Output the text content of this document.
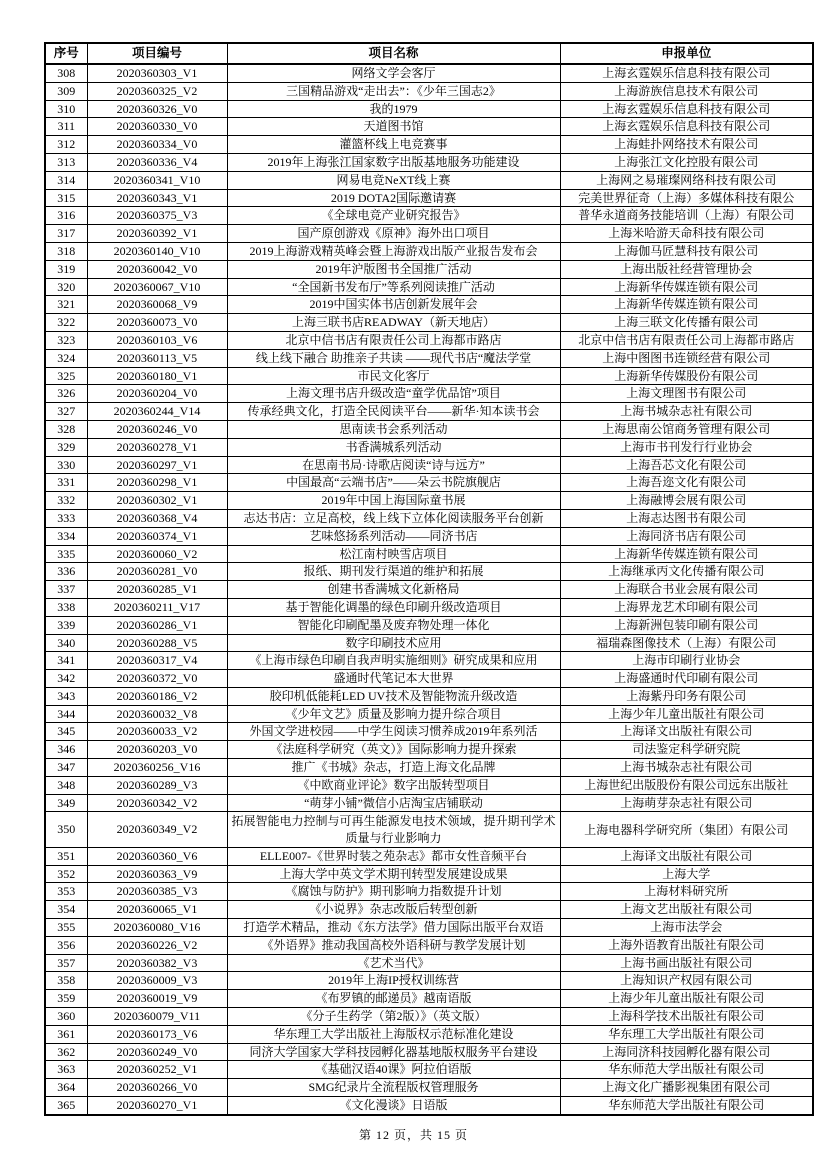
序号	项目编号	项目名称	申报单位
308	2020360303_V1	网络文学会客厅	上海玄霆娱乐信息科技有限公司
309	2020360325_V2	三国精品游戏“走出去”：《少年三国志2》	上海游族信息技术有限公司
310	2020360326_V0	我的1979	上海玄霆娱乐信息科技有限公司
311	2020360330_V0	天道图书馆	上海玄霆娱乐信息科技有限公司
312	2020360334_V0	灌篮杯线上电竞赛事	上海蛙扑网络技术有限公司
313	2020360336_V4	2019年上海张江国家数字出版基地服务功能建设	上海张江文化控股有限公司
314	2020360341_V10	网易电竞NeXT线上赛	上海网之易璀璨网络科技有限公司
315	2020360343_V1	2019 DOTA2国际邀请赛	完美世界征奇（上海）多媒体科技有限公
316	2020360375_V3	《全球电竞产业研究报告》	普华永道商务技能培训（上海）有限公司
317	2020360392_V1	国产原创游戏《原神》海外出口项目	上海米哈游天命科技有限公司
318	2020360140_V10	2019上海游戏精英峰会暨上海游戏出版产业报告发布会	上海伽马匠慧科技有限公司
319	2020360042_V0	2019年沪版图书全国推广活动	上海出版社经营管理协会
320	2020360067_V10	“全国新书发布厅”等系列阅读推广活动	上海新华传媒连锁有限公司
321	2020360068_V9	2019中国实体书店创新发展年会	上海新华传媒连锁有限公司
322	2020360073_V0	上海三联书店READWAY（新天地店）	上海三联文化传播有限公司
323	2020360103_V6	北京中信书店有限责任公司上海都市路店	北京中信书店有限责任公司上海都市路店
324	2020360113_V5	线上线下融合 助推亲子共读 ——现代书店“魔法学堂	上海中图图书连锁经营有限公司
325	2020360180_V1	市民文化客厅	上海新华传媒股份有限公司
326	2020360204_V0	上海文理书店升级改造“童学优品馆”项目	上海文理图书有限公司
327	2020360244_V14	传承经典文化，打造全民阅读平台——新华·知本读书会	上海书城杂志社有限公司
328	2020360246_V0	思南读书会系列活动	上海思南公馆商务管理有限公司
329	2020360278_V1	书香满城系列活动	上海市书刊发行行业协会
330	2020360297_V1	在思南书局·诗歌店阅读“诗与远方”	上海吾芯文化有限公司
331	2020360298_V1	中国最高“云端书店”——朵云书院旗舰店	上海吾迩文化有限公司
332	2020360302_V1	2019年中国上海国际童书展	上海融博会展有限公司
333	2020360368_V4	志达书店：立足高校，线上线下立体化阅读服务平台创新	上海志达图书有限公司
334	2020360374_V1	艺味悠扬系列活动——同济书店	上海同济书店有限公司
335	2020360060_V2	松江南村映雪店项目	上海新华传媒连锁有限公司
336	2020360281_V0	报纸、期刊发行渠道的维护和拓展	上海继承丙文化传播有限公司
337	2020360285_V1	创建书香满城文化新格局	上海联合书业会展有限公司
338	2020360211_V17	基于智能化调墨的绿色印刷升级改造项目	上海界龙艺术印刷有限公司
339	2020360286_V1	智能化印刷配墨及废弃物处理一体化	上海新洲包装印刷有限公司
340	2020360288_V5	数字印刷技术应用	福瑞森图像技术（上海）有限公司
341	2020360317_V4	《上海市绿色印刷自我声明实施细则》研究成果和应用	上海市印刷行业协会
342	2020360372_V0	盛通时代笔记本大世界	上海盛通时代印刷有限公司
343	2020360186_V2	胶印机低能耗LED UV技术及智能物流升级改造	上海紫丹印务有限公司
344	2020360032_V8	《少年文艺》质量及影响力提升综合项目	上海少年儿童出版社有限公司
345	2020360033_V2	外国文学进校园——中学生阅读习惯养成2019年系列活	上海译文出版社有限公司
346	2020360203_V0	《法庭科学研究（英文）》国际影响力提升探索	司法鉴定科学研究院
347	2020360256_V16	推广《书城》杂志，打造上海文化品牌	上海书城杂志社有限公司
348	2020360289_V3	《中欧商业评论》数字出版转型项目	上海世纪出版股份有限公司远东出版社
349	2020360342_V2	“萌芽小铺”微信小店淘宝店铺联动	上海萌芽杂志社有限公司
350	2020360349_V2	拓展智能电力控制与可再生能源发电技术领域，提升期刊学术质量与行业影响力	上海电器科学研究所（集团）有限公司
351	2020360360_V6	ELLE007-《世界时装之苑杂志》都市女性音频平台	上海译文出版社有限公司
352	2020360363_V9	上海大学中英文学术期刊转型发展建设成果	上海大学
353	2020360385_V3	《腐蚀与防护》期刊影响力指数提升计划	上海材料研究所
354	2020360065_V1	《小说界》杂志改版后转型创新	上海文艺出版社有限公司
355	2020360080_V16	打造学术精品，推动《东方法学》借力国际出版平台双语	上海市法学会
356	2020360226_V2	《外语界》推动我国高校外语科研与教学发展计划	上海外语教育出版社有限公司
357	2020360382_V3	《艺术当代》	上海书画出版社有限公司
358	2020360009_V3	2019年上海IP授权训练营	上海知识产权园有限公司
359	2020360019_V9	《布罗镇的邮递员》越南语版	上海少年儿童出版社有限公司
360	2020360079_V11	《分子生药学（第2版）》（英文版）	上海科学技术出版社有限公司
361	2020360173_V6	华东理工大学出版社上海版权示范标准化建设	华东理工大学出版社有限公司
362	2020360249_V0	同济大学国家大学科技园孵化器基地版权服务平台建设	上海同济科技园孵化器有限公司
363	2020360252_V1	《基础汉语40课》阿拉伯语版	华东师范大学出版社有限公司
364	2020360266_V0	SMG纪录片全流程版权管理服务	上海文化广播影视集团有限公司
365	2020360270_V1	《文化漫谈》日语版	华东师范大学出版社有限公司
第 12 页，共 15 页
